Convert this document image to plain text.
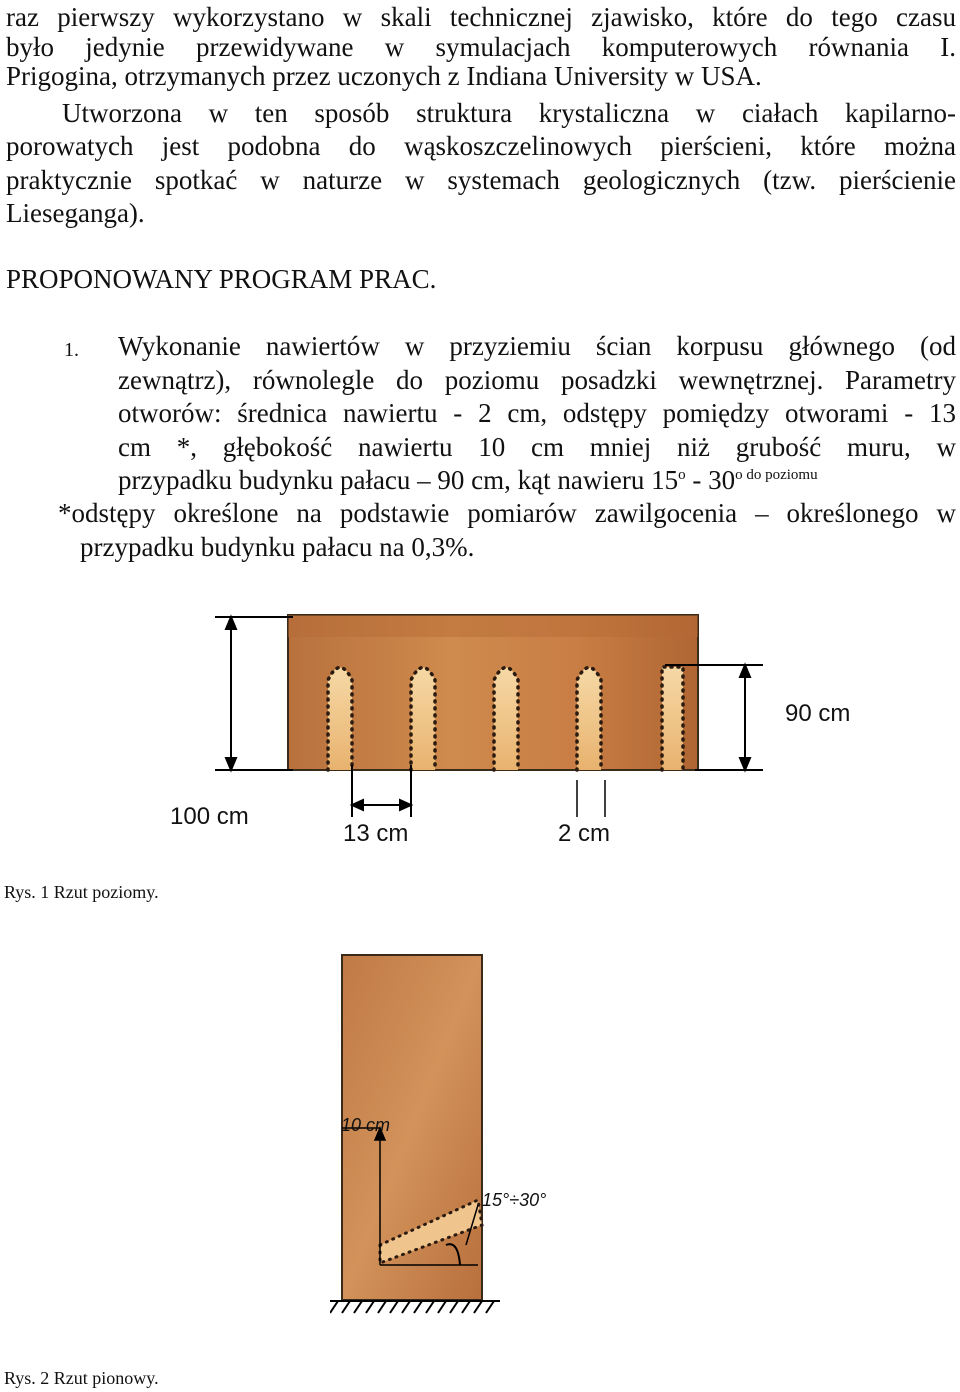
raz pierwszy wykorzystano w skali technicznej zjawisko, które do tego czasu
było jedynie przewidywane w symulacjach komputerowych równania I.
Prigogina, otrzymanych przez uczonych z Indiana University w USA.
Utworzona w ten sposób struktura krystaliczna w ciałach kapilarno-
porowatych jest podobna do wąskoszczelinowych pierścieni, które można
praktycznie spotkać w naturze w systemach geologicznych (tzw. pierścienie
Lieseganga).
PROPONOWANY PROGRAM PRAC.
1.	Wykonanie nawiertów w przyziemiu ścian korpusu głównego (od
zewnątrz), równolegle do poziomu posadzki wewnętrznej. Parametry
otworów: średnica nawiertu - 2 cm, odstępy pomiędzy otworami - 13
cm *, głębokość nawiertu 10 cm mniej niż grubość muru, w
przypadku budynku pałacu – 90 cm, kąt nawieru $15^o - 30^{o do poziomu}$
*odstępy określone na podstawie pomiarów zawilgocenia – określonego w
przypadku budynku pałacu na 0,3%.
100 cm
90 cm
13 cm	2 cm
Rys. 1 Rzut poziomy.
10 cm
15°÷30°
Rys. 2 Rzut pionowy.
